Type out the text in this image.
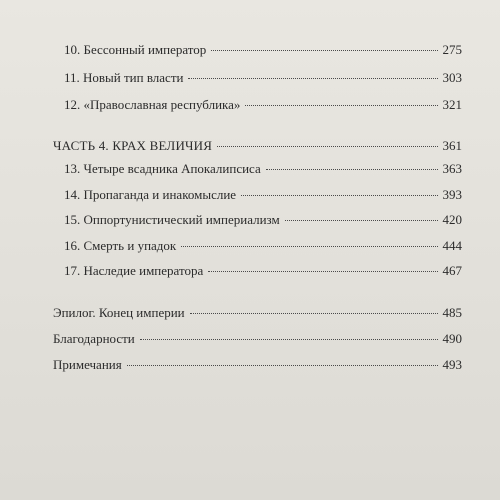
10. Бессонный император	275
11. Новый тип власти	303
12. «Православная республика»	321
ЧАСТЬ 4. КРАХ ВЕЛИЧИЯ	361
13. Четыре всадника Апокалипсиса	363
14. Пропаганда и инакомыслие	393
15. Оппортунистический империализм	420
16. Смерть и упадок	444
17. Наследие императора	467
Эпилог. Конец империи	485
Благодарности	490
Примечания	493
